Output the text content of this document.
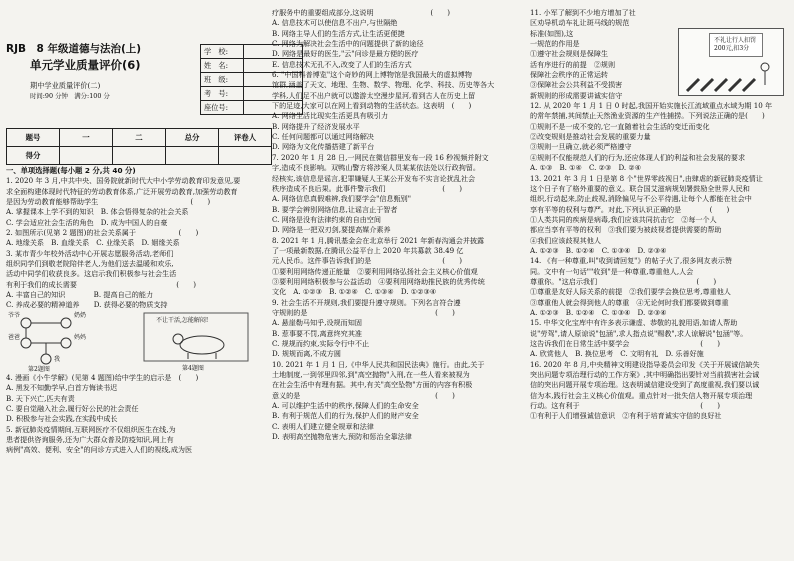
RJB　8 年级道德与法治(上)
单元学业质量评价(6)
期中学业质量评价(二)
时间:90 分钟　满分:100 分
学　校:	
姓　名:	
班　级:	
考　号:	
座位号:	
题号	一	二	总分	评卷人
得分				
一、单项选择题(每小题 2 分,共 40 分)
1. 2020 年 3 月,中共中央、国务院就新时代大中小学劳动教育印发意见,要
求全面构建体现时代特征的劳动教育体系,广泛开展劳动教育,加强劳动教育
是因为劳动教育能够帮助学生　　　　　　　　　　　　　(　　)
A. 掌握课本上学不到的知识　B. 体会悟得复杂的社会关系
C. 学会适应社会生活的角色　D. 成为中国人的自豪
2. 如图所示(见第 2 题图)的社会关系属于　　　　　　(　　)
A. 地缘关系　B. 血缘关系　C. 业缘关系　D. 姻缘关系
3. 某市青少年校外活动中心开展志愿服务活动,老师们
组织同学们到敬老院陪伴老人,为他们送去温暖和欢乐,
活动中同学们收获良多。这启示我们积极参与社会生活
有利于我们的成长需要　　　　　　　　　　　　　　(　　)
A. 丰富自己的知识　　　　B. 提高自己的能力
C. 养成必要的精神道养　　D. 获得必要的物质支持
爷爷	奶奶
我
爸爸	妈妈
不让干活,怎能解闷!
第2题图	第4题图
4. 漫画《小牛学解》(见第 4 题图)给中学生的启示是　(　　)
A. 黑发不知勤学早,白首方悔读书迟
B. 天下兴亡,匹夫有责
C. 要自觉融入社会,履行好公民的社会责任
D. 积极参与社会实践,在实践中成长
5. 新冠肺炎疫情期间,互联网医疗不仅组织医生在线,为
患者提供咨询服务,还为广大群众普及防疫知识,网上有
病例"高效、便利、安全"的问诊方式进入人们的视线,成为医
疗服务中的重要组成部分,这说明　　　　　　　　(　　)
A. 信息技术可以使信息不出户,与世隔绝
B. 网络主导人们的生活方式,让生活更便捷
C. 网络为解决社会生活中的问题提供了新的途径
D. 网络是最好的医生,"云"问诊是最方便的医疗
E. 信息技术无孔不入,改变了人们的生活方式
6. "中国科普博览"这个奇妙的网上博物馆是我国最大的虚拟博物
馆群,涵盖了天文、地理、生物、数学、物理、化学、科技、历史等各大
学科,人们足不出户就可以遨游太空漫步星河,看到古人在历史上留
下的足迹,大家可以在网上看到动物的生活状态。这表明　(　　)
A. 网络生活比现实生活更具有吸引力
B. 网络提升了经济发展水平
C. 任何问题都可以通过网络解决
D. 网络为文化传播搭建了新平台
7. 2020 年 1 月 28 日,一网民在微信群里发布一段 16 秒视频并附文
字,造成不良影响。双鸭山警方将涉案人员某某依法处以行政拘留。
经核实,该信息是谣言,犯罪嫌疑人王某公开发布不实言论扰乱社会
秩序造成不良后果。此事件警示我们　　　　　　　　(　　)
A. 网络信息真假难辨,我们要学会"信息甄别"
B. 要学会辨别网络信息,让谣言止于智者
C. 网络是没有法律约束的自由空间
D. 网络是一把双刃剑,要提高媒介素养
8. 2021 年 1 月,腾讯基金会在北京举行 2021 年新春沟通会并披露
了一项最新数据,在腾讯公益平台上 2020 年共募款 38.49 亿
元人民币。这件事告诉我们的是　　　　　　　　　　(　　)
①要利用网络传递正能量　②要利用网络弘扬社会主义核心价值观
③要利用网络积极参与公益活动　④要利用网络助推民族的优秀传统
文化　A. ①②③　B. ①②④　C. ①③④　D. ①②③④
9. 社会生活不开规则,我们要提升遵守规则。下列名言符合遵
守规则的是　　　　　　　　　　　　　　　　　　(　　)
A. 悬崖勒马知乎,设规而知固
B. 惹事要不罚,离意终究其准
C. 规规而约束,实际令行中不止
D. 规规而离,不成方圆
10. 2021 年 1 月 1 日,《中华人民共和国民法典》施行。由此,关于
土地制度,一到邻里四邻,到"高空抛物"入刑,在一些人看来被视为
在社会生活中有理有据。其中,有关"高空坠物"方面的内容有积极
意义的是　　　　　　　　　　　　　　　　　　　(　　)
A. 可以维护生活中的秩序,保障人们的生命安全
B. 有利于规范人们的行为,保护人们的财产安全
C. 表明人们建立健全规章和法律
D. 表明高空抛物危害大,预防和惩治全靠法律
11. 小军了解到不少地方增加了社
区劝导机动车礼让斑马线的规范
标准(如图),这
一规范的作用是
①遵守社会规则是保障生
活有序进行的前提　②规则
保障社会秩序的正常运转
③保障社会公共利益不受损害
新规则的形成需要讲诚实信守
不礼让行人扣罚 200元,扣3分
12. 从 2020 年 1 月 1 日 0 时起,我国开始实施长江流域重点水域为期 10 年
的常年禁捕,其间禁止天然渔业资源的生产性捕捞。下列说法正确的是(　　)
①规则不是一成不变的,它一直随着社会生活的变迁而变化
②改变规则是推动社会发展的重要力量
③规则一旦确立,就必须严格遵守
④规则不仅能规范人们的行为,还应体现人们的利益和社会发展的要求
A. ①③　B. ①④　C. ②③　D. ②④
13. 2021 年 3 月 1 日是第 8 个"世界零歧视日",由肆虐的新冠肺炎疫情让
这个日子有了格外重要的意义。联合国艾滋病规划署鼓励全世界人民和
组织,行动起来,防止歧视,消除偏见与不公平待遇,让每个人都能在社会中
享有平等的权利与尊严。对此,下列认识正确的是　　　　(　　)
①人类共同的疾病是病毒,我们应该共同抗击它　②每一个人
都应当享有平等的权利　③我们要为被歧视者提供需要的帮助
④我们应该歧视其他人
A. ①②③　B. ①②④　C. ①③④　D. ②③④
14. 《有一种尊重,叫"收到请回复"》的帖子火了,很多网友表示赞
同。文中有一句话""收到"是一种尊重,尊重他人,人会
尊重你。"这启示我们　　　　　　　　　　　　　　(　　)
①尊重是友好人际关系的前提　②我们要学会换位思考,尊重他人
③尊重他人就会得到他人的尊重　④无论何时我们都要做到尊重
A. ①②③　B. ①②④　C. ①③④　D. ②③④
15. 中华文化宝库中有许多表示谦虚、恭敬的礼貌用语,如请人帮助
说"劳驾",请人原谅说"包涵",求人指点说"赐教",求人谅解说"包涵"等。
这告诉我们在日常生活中要学会　　　　　　　　　　(　　)
A. 欣赏他人　B. 换位思考　C. 文明有礼　D. 乐善好施
16. 2020 年 8 月,中央精神文明建设指导委员会印发《关于开展诚信缺失
突出问题专项治理行动的工作方案》,其中明确指出要针对当前损害社会诚
信的突出问题开展专项治理。这表明诚信建设受到了高度重视,我们要以诚
信为本,践行社会主义核心价值观。重点针对一批失信人物开展专项治理
行动。这有利于　　　　　　　　　　　　　　　　　(　　)
①有利于人们增强诚信意识　②有利于培育诚实守信的良好社
